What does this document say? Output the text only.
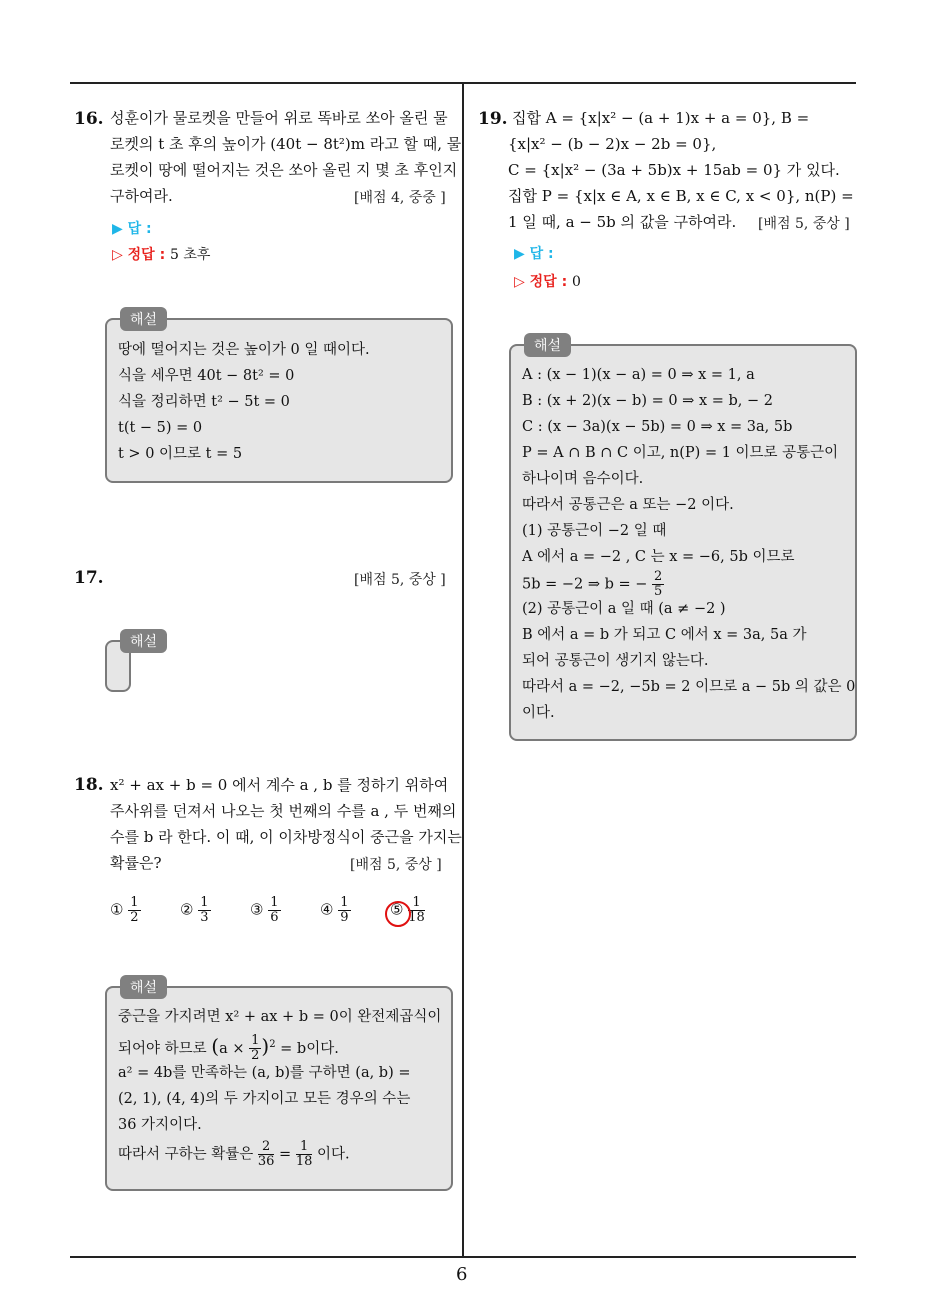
16. 성훈이가 물로켓을 만들어 위로 똑바로 쏘아 올린 물
로켓의 t 초 후의 높이가 (40t − 8t²)m 라고 할 때, 물
로켓이 땅에 떨어지는 것은 쏘아 올린 지 몇 초 후인지
구하여라.	[배점 4, 중중 ]
▶ 답 :
▷ 정답 : 5 초후
해설
땅에 떨어지는 것은 높이가 0 일 때이다.
식을 세우면 40t − 8t² = 0
식을 정리하면 t² − 5t = 0
t(t − 5) = 0
t > 0 이므로 t = 5
17.	[배점 5, 중상 ]
해설
18. x² + ax + b = 0 에서 계수 a , b 를 정하기 위하여
주사위를 던져서 나오는 첫 번째의 수를 a , 두 번째의
수를 b 라 한다. 이 때, 이 이차방정식이 중근을 가지는
확률은?	[배점 5, 중상 ]
① $\frac{1}{2}$	② $\frac{1}{3}$	③ $\frac{1}{6}$	④ $\frac{1}{9}$	⑤ $\frac{1}{18}$
해설
중근을 가지려면 x² + ax + b = 0이 완전제곱식이
되어야 하므로 $(a \times \frac{1}{2} )^2 = b$이다.
a² = 4b를 만족하는 (a, b)를 구하면 (a, b) =
(2, 1), (4, 4)의 두 가지이고 모든 경우의 수는
36 가지이다.
따라서 구하는 확률은 $\frac{2}{36} = \frac{1}{18}$ 이다.
19. 집합 A = {x|x² − (a + 1)x + a = 0}, B =
{x|x² − (b − 2)x − 2b = 0},
C = {x|x² − (3a + 5b)x + 15ab = 0} 가 있다.
집합 P = {x|x ∈ A, x ∈ B, x ∈ C, x < 0}, n(P) =
1 일 때, a − 5b 의 값을 구하여라. [배점 5, 중상 ]
▶ 답 :
▷ 정답 : 0
해설
A : (x − 1)(x − a) = 0 ⇒ x = 1, a
B : (x + 2)(x − b) = 0 ⇒ x = b, − 2
C : (x − 3a)(x − 5b) = 0 ⇒ x = 3a, 5b
P = A ∩ B ∩ C 이고, n(P) = 1 이므로 공통근이
하나이며 음수이다.
따라서 공통근은 a 또는 −2 이다.
(1) 공통근이 −2 일 때
A 에서 a = −2 , C 는 x = −6, 5b 이므로
5b = −2 ⇒ b = − $\frac{2}{5}$
(2) 공통근이 a 일 때 (a ≠ −2 )
B 에서 a = b 가 되고 C 에서 x = 3a, 5a 가
되어 공통근이 생기지 않는다.
따라서 a = −2, −5b = 2 이므로 a − 5b 의 값은 0
이다.
6
